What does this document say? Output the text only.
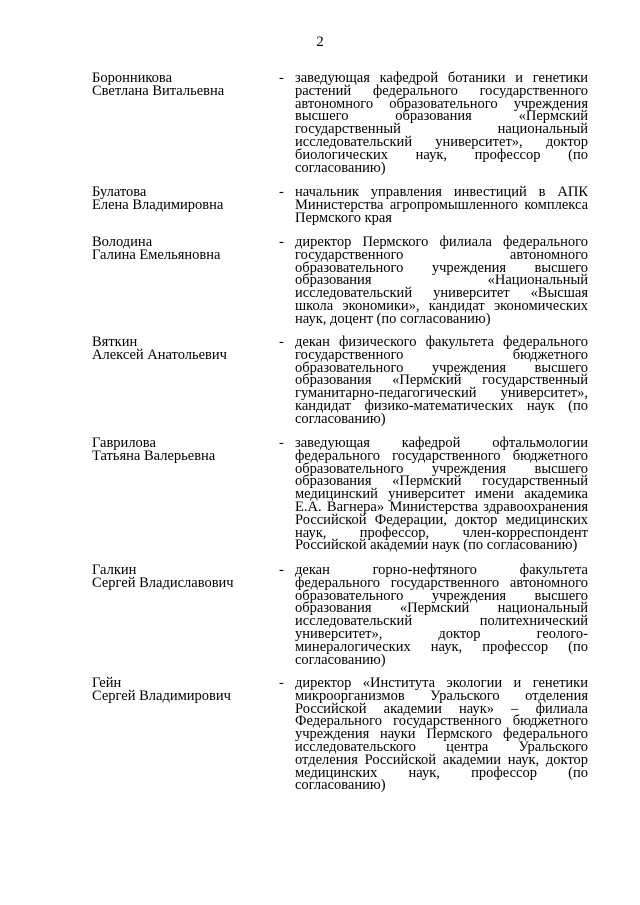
2
Боронникова
Светлана Витальевна
- заведующая кафедрой ботаники и генетики растений федерального государственного автономного образовательного учреждения высшего образования «Пермский государственный национальный исследовательский университет», доктор биологических наук, профессор (по согласованию)
Булатова
Елена Владимировна
- начальник управления инвестиций в АПК Министерства агропромышленного комплекса Пермского края
Володина
Галина Емельяновна
- директор Пермского филиала федерального государственного автономного образовательного учреждения высшего образования «Национальный исследовательский университет «Высшая школа экономики», кандидат экономических наук, доцент (по согласованию)
Вяткин
Алексей Анатольевич
- декан физического факультета федерального государственного бюджетного образовательного учреждения высшего образования «Пермский государственный гуманитарно-педагогический университет», кандидат физико-математических наук (по согласованию)
Гаврилова
Татьяна Валерьевна
- заведующая кафедрой офтальмологии федерального государственного бюджетного образовательного учреждения высшего образования «Пермский государственный медицинский университет имени академика Е.А. Вагнера» Министерства здравоохранения Российской Федерации, доктор медицинских наук, профессор, член-корреспондент Российской академии наук (по согласованию)
Галкин
Сергей Владиславович
- декан горно-нефтяного факультета федерального государственного автономного образовательного учреждения высшего образования «Пермский национальный исследовательский политехнический университет», доктор геолого-минералогических наук, профессор (по согласованию)
Гейн
Сергей Владимирович
- директор «Института экологии и генетики микроорганизмов Уральского отделения Российской академии наук» – филиала Федерального государственного бюджетного учреждения науки Пермского федерального исследовательского центра Уральского отделения Российской академии наук, доктор медицинских наук, профессор (по согласованию)
